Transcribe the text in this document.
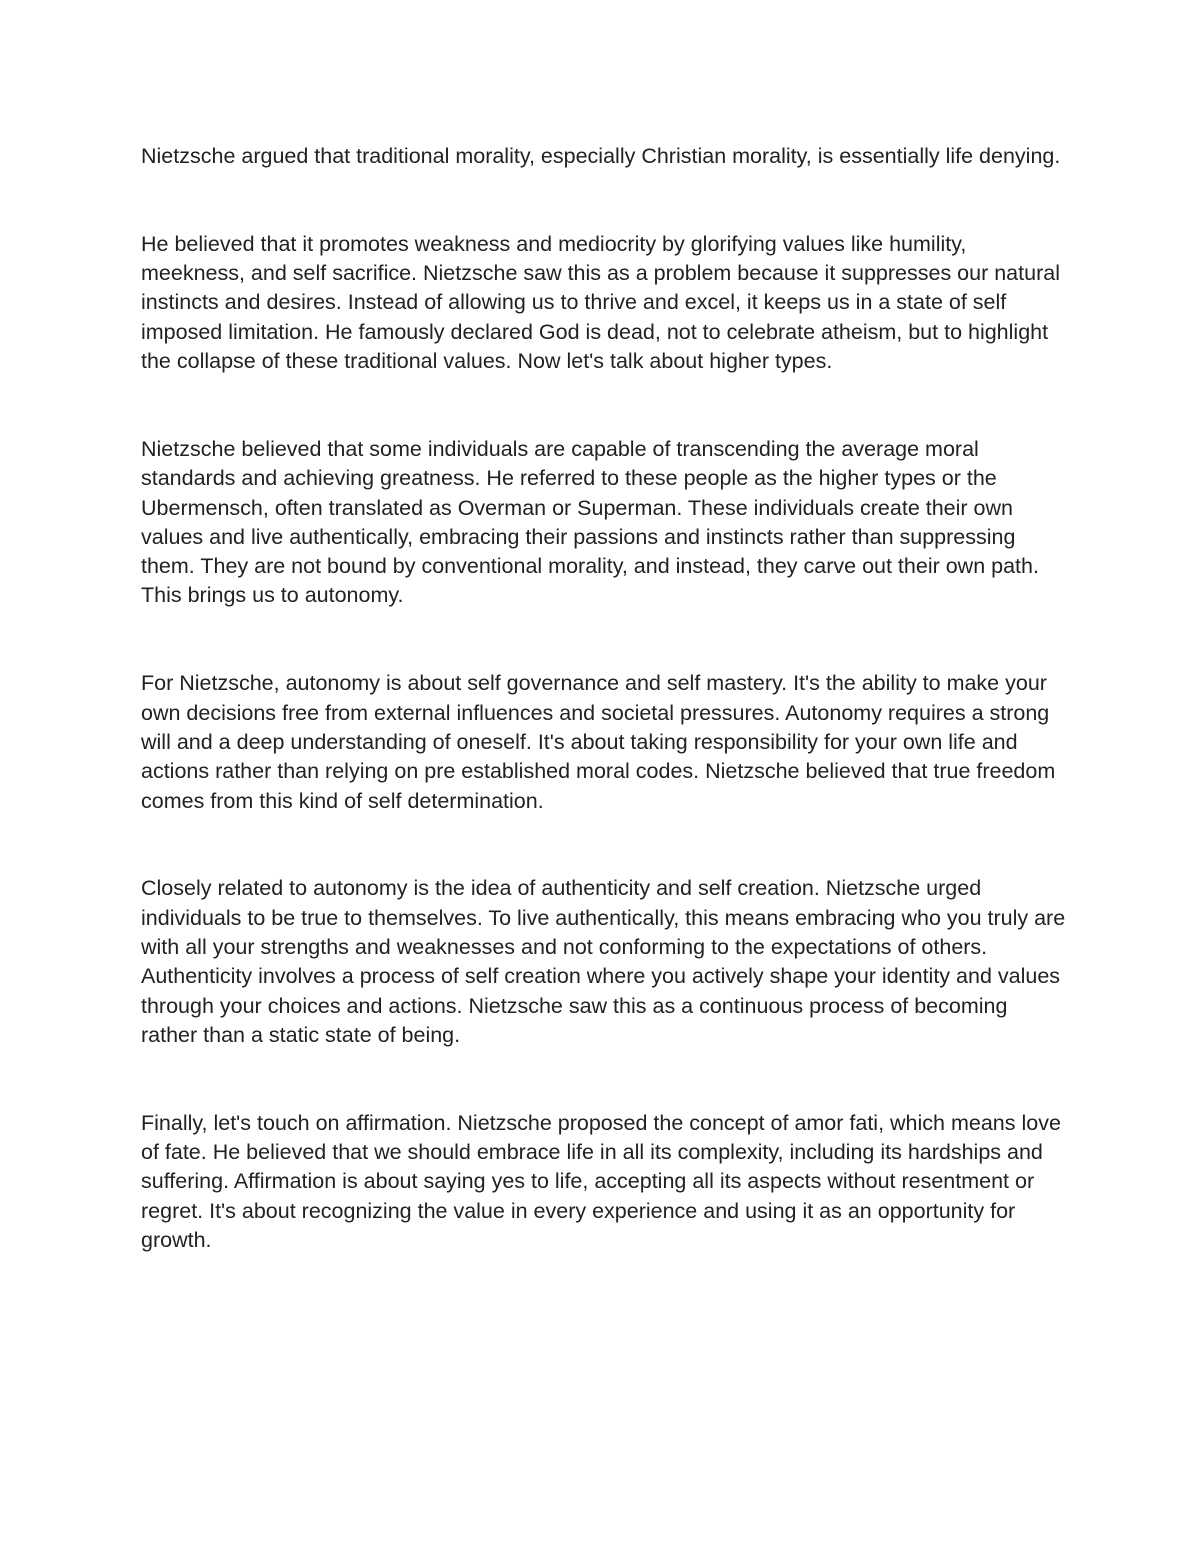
Nietzsche argued that traditional morality, especially Christian morality, is essentially life denying.

He believed that it promotes weakness and mediocrity by glorifying values like humility, meekness, and self sacrifice. Nietzsche saw this as a problem because it suppresses our natural instincts and desires. Instead of allowing us to thrive and excel, it keeps us in a state of self imposed limitation. He famously declared God is dead, not to celebrate atheism, but to highlight the collapse of these traditional values. Now let's talk about higher types.

Nietzsche believed that some individuals are capable of transcending the average moral standards and achieving greatness. He referred to these people as the higher types or the Ubermensch, often translated as Overman or Superman. These individuals create their own values and live authentically, embracing their passions and instincts rather than suppressing them. They are not bound by conventional morality, and instead, they carve out their own path. This brings us to autonomy.

For Nietzsche, autonomy is about self governance and self mastery. It's the ability to make your own decisions free from external influences and societal pressures. Autonomy requires a strong will and a deep understanding of oneself. It's about taking responsibility for your own life and actions rather than relying on pre established moral codes. Nietzsche believed that true freedom comes from this kind of self determination.

Closely related to autonomy is the idea of authenticity and self creation. Nietzsche urged individuals to be true to themselves. To live authentically, this means embracing who you truly are with all your strengths and weaknesses and not conforming to the expectations of others. Authenticity involves a process of self creation where you actively shape your identity and values through your choices and actions. Nietzsche saw this as a continuous process of becoming rather than a static state of being.

Finally, let's touch on affirmation. Nietzsche proposed the concept of amor fati, which means love of fate. He believed that we should embrace life in all its complexity, including its hardships and suffering. Affirmation is about saying yes to life, accepting all its aspects without resentment or regret. It's about recognizing the value in every experience and using it as an opportunity for growth.
